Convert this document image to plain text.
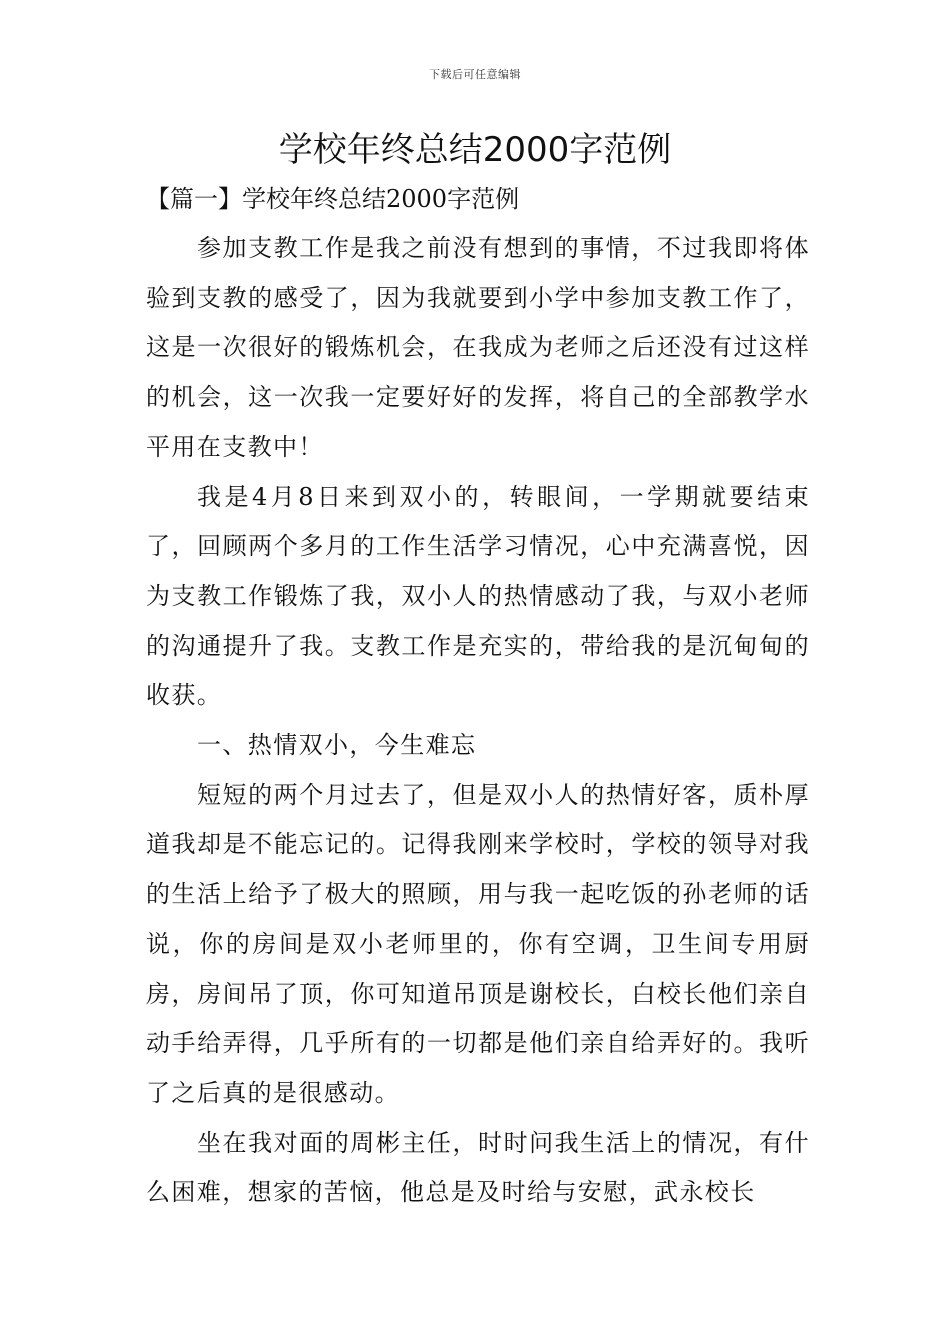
下载后可任意编辑
学校年终总结2000字范例
【篇一】学校年终总结2000字范例

参加支教工作是我之前没有想到的事情，不过我即将体验到支教的感受了，因为我就要到小学中参加支教工作了，这是一次很好的锻炼机会，在我成为老师之后还没有过这样的机会，这一次我一定要好好的发挥，将自己的全部教学水平用在支教中！

我是4月8日来到双小的，转眼间，一学期就要结束了，回顾两个多月的工作生活学习情况，心中充满喜悦，因为支教工作锻炼了我，双小人的热情感动了我，与双小老师的沟通提升了我。支教工作是充实的，带给我的是沉甸甸的收获。

一、热情双小，今生难忘

短短的两个月过去了，但是双小人的热情好客，质朴厚道我却是不能忘记的。记得我刚来学校时，学校的领导对我的生活上给予了极大的照顾，用与我一起吃饭的孙老师的话说，你的房间是双小老师里的，你有空调，卫生间专用厨房，房间吊了顶，你可知道吊顶是谢校长，白校长他们亲自动手给弄得，几乎所有的一切都是他们亲自给弄好的。我听了之后真的是很感动。

坐在我对面的周彬主任，时时问我生活上的情况，有什么困难，想家的苦恼，他总是及时给与安慰，武永校长
